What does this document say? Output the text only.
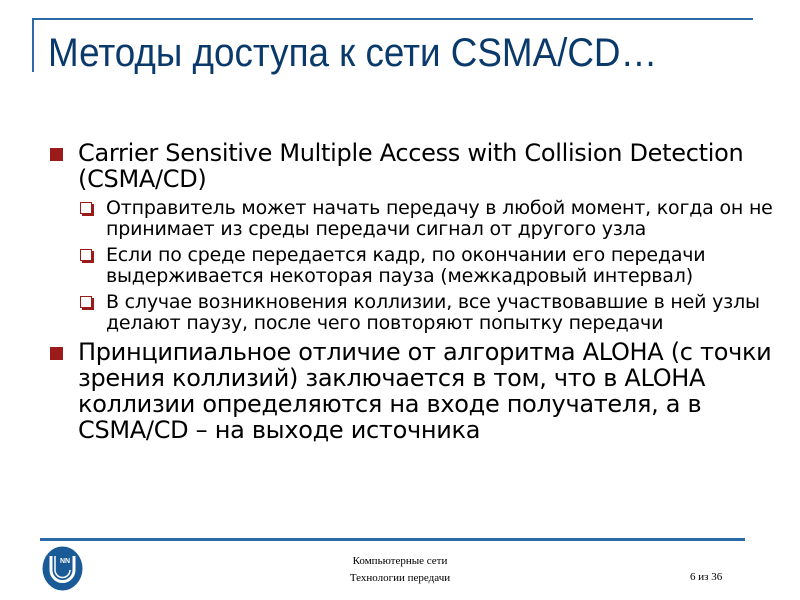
Методы доступа к сети CSMA/CD…
Carrier Sensitive Multiple Access with Collision Detection (CSMA/CD)
Отправитель может начать передачу в любой момент, когда он не принимает из среды передачи сигнал от другого узла
Если по среде передается кадр, по окончании его передачи выдерживается некоторая пауза (межкадровый интервал)
В случае возникновения коллизии, все участвовавшие в ней узлы делают паузу, после чего повторяют попытку передачи
Принципиальное отличие от алгоритма ALOHA (с точки зрения коллизий) заключается в том, что в ALOHA коллизии определяются на входе получателя, а в CSMA/CD – на выходе источника
NN	Компьютерные сети
Технологии передачи	6 из 36
